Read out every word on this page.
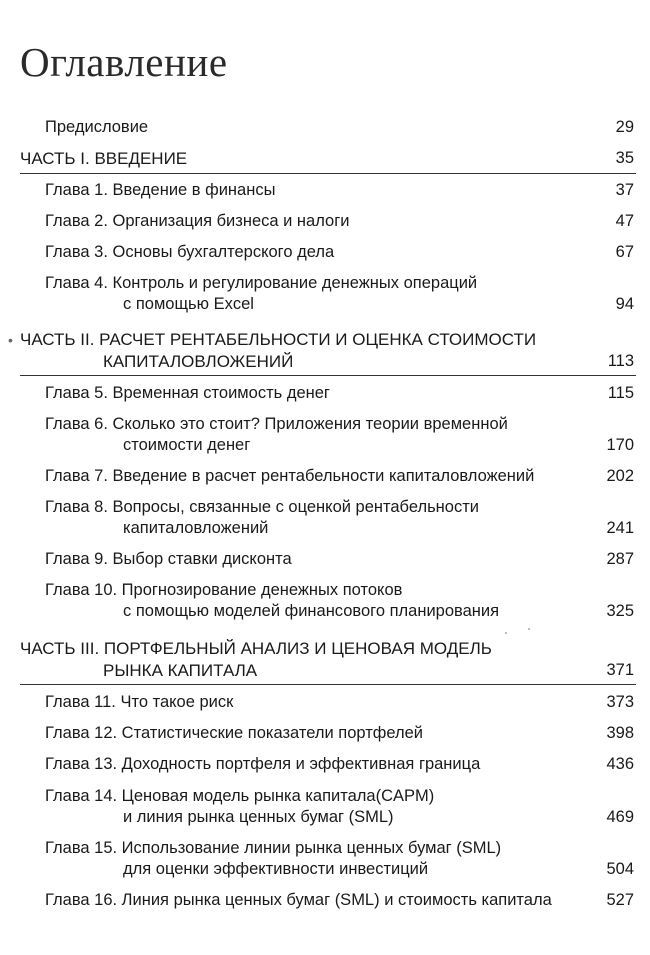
Оглавление
Предисловие	29
ЧАСТЬ I. ВВЕДЕНИЕ	35
Глава 1. Введение в финансы	37
Глава 2. Организация бизнеса и налоги	47
Глава 3. Основы бухгалтерского дела	67
Глава 4. Контроль и регулирование денежных операций
с помощью Excel	94
• ЧАСТЬ II. РАСЧЕТ РЕНТАБЕЛЬНОСТИ И ОЦЕНКА СТОИМОСТИ
КАПИТАЛОВЛОЖЕНИЙ	113
Глава 5. Временная стоимость денег	115
Глава 6. Сколько это стоит? Приложения теории временной
стоимости денег	170
Глава 7. Введение в расчет рентабельности капиталовложений	202
Глава 8. Вопросы, связанные с оценкой рентабельности
капиталовложений	241
Глава 9. Выбор ставки дисконта	287
Глава 10. Прогнозирование денежных потоков
с помощью моделей финансового планирования	325
ЧАСТЬ III. ПОРТФЕЛЬНЫЙ АНАЛИЗ И ЦЕНОВАЯ МОДЕЛЬ
РЫНКА КАПИТАЛА	371
Глава 11. Что такое риск	373
Глава 12. Статистические показатели портфелей	398
Глава 13. Доходность портфеля и эффективная граница	436
Глава 14. Ценовая модель рынка капитала(CAPM)
и линия рынка ценных бумаг (SML)	469
Глава 15. Использование линии рынка ценных бумаг (SML)
для оценки эффективности инвестиций	504
Глава 16. Линия рынка ценных бумаг (SML) и стоимость капитала	527
